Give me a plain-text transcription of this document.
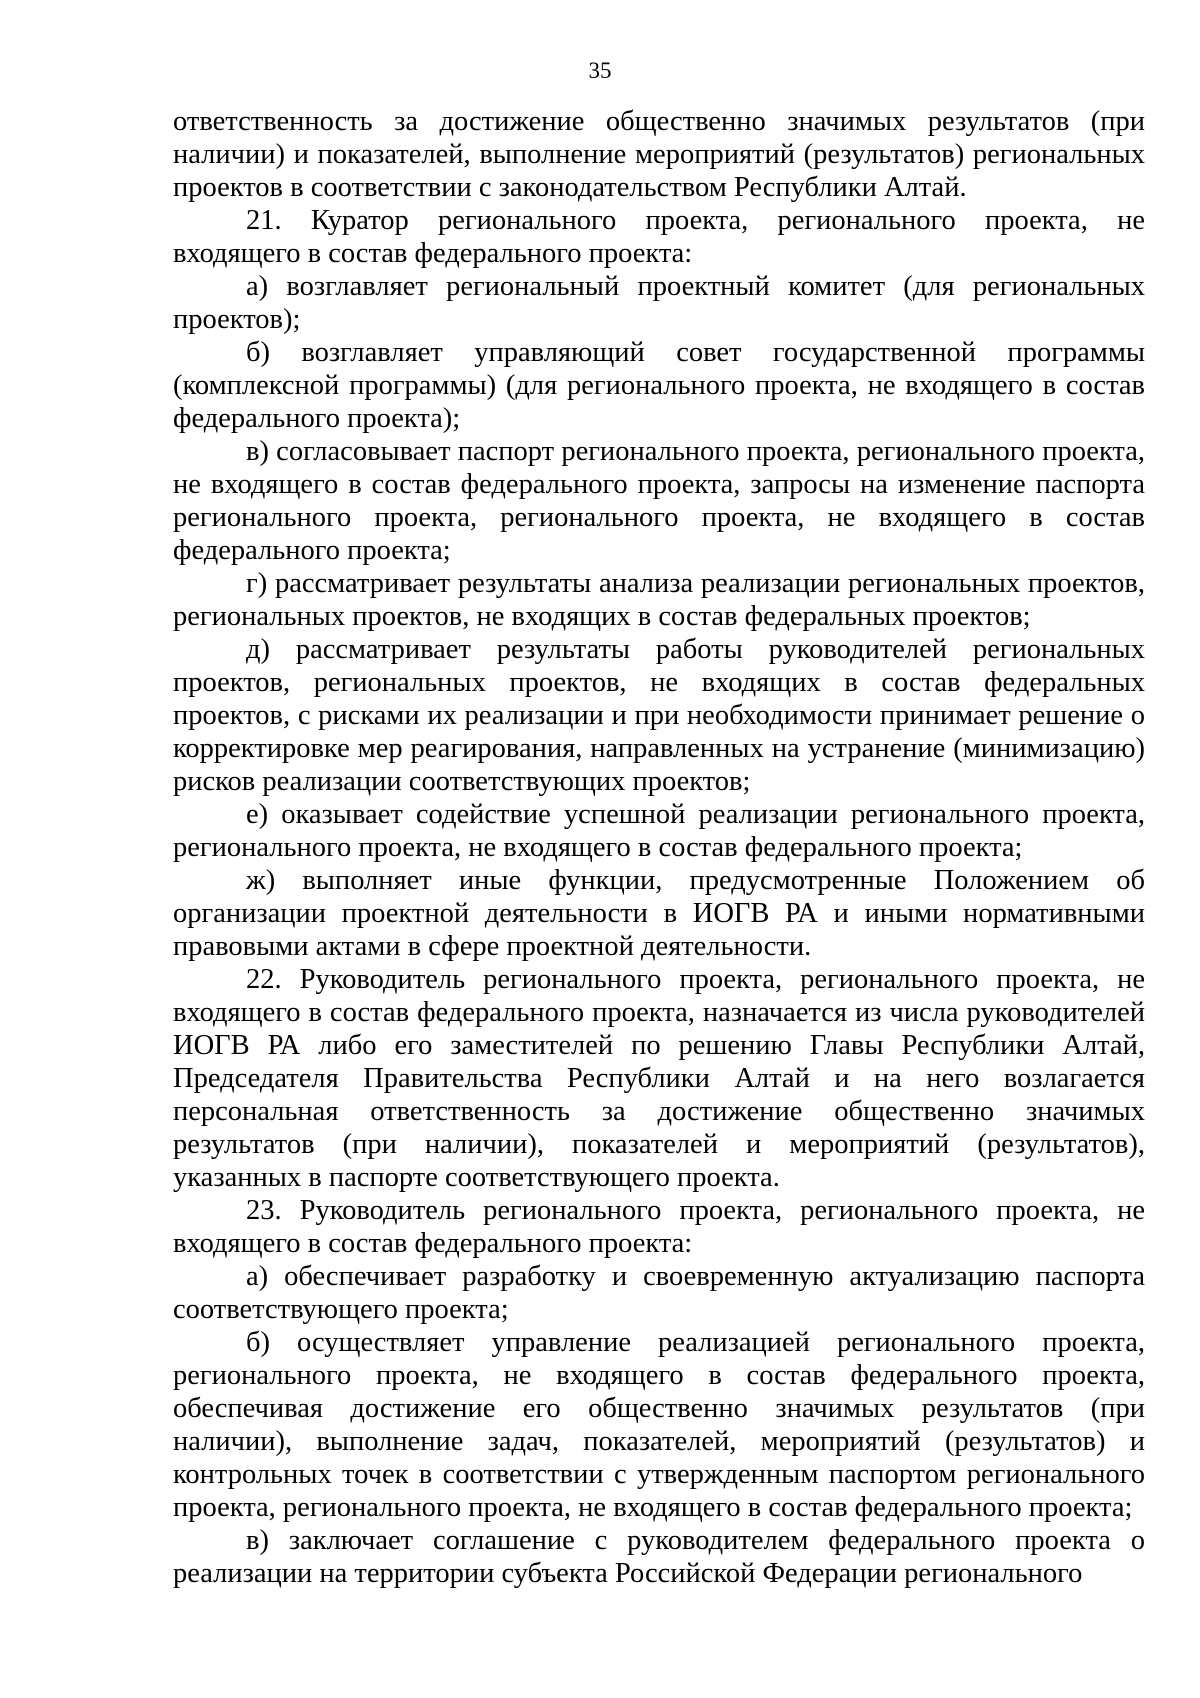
35

ответственность за достижение общественно значимых результатов (при наличии) и показателей, выполнение мероприятий (результатов) региональных проектов в соответствии с законодательством Республики Алтай.

21. Куратор регионального проекта, регионального проекта, не входящего в состав федерального проекта:

а) возглавляет региональный проектный комитет (для региональных проектов);

б) возглавляет управляющий совет государственной программы (комплексной программы) (для регионального проекта, не входящего в состав федерального проекта);

в) согласовывает паспорт регионального проекта, регионального проекта, не входящего в состав федерального проекта, запросы на изменение паспорта регионального проекта, регионального проекта, не входящего в состав федерального проекта;

г) рассматривает результаты анализа реализации региональных проектов, региональных проектов, не входящих в состав федеральных проектов;

д) рассматривает результаты работы руководителей региональных проектов, региональных проектов, не входящих в состав федеральных проектов, с рисками их реализации и при необходимости принимает решение о корректировке мер реагирования, направленных на устранение (минимизацию) рисков реализации соответствующих проектов;

е) оказывает содействие успешной реализации регионального проекта, регионального проекта, не входящего в состав федерального проекта;

ж) выполняет иные функции, предусмотренные Положением об организации проектной деятельности в ИОГВ РА и иными нормативными правовыми актами в сфере проектной деятельности.

22. Руководитель регионального проекта, регионального проекта, не входящего в состав федерального проекта, назначается из числа руководителей ИОГВ РА либо его заместителей по решению Главы Республики Алтай, Председателя Правительства Республики Алтай и на него возлагается персональная ответственность за достижение общественно значимых результатов (при наличии), показателей и мероприятий (результатов), указанных в паспорте соответствующего проекта.

23. Руководитель регионального проекта, регионального проекта, не входящего в состав федерального проекта:

а) обеспечивает разработку и своевременную актуализацию паспорта соответствующего проекта;

б) осуществляет управление реализацией регионального проекта, регионального проекта, не входящего в состав федерального проекта, обеспечивая достижение его общественно значимых результатов (при наличии), выполнение задач, показателей, мероприятий (результатов) и контрольных точек в соответствии с утвержденным паспортом регионального проекта, регионального проекта, не входящего в состав федерального проекта;

в) заключает соглашение с руководителем федерального проекта о реализации на территории субъекта Российской Федерации регионального
